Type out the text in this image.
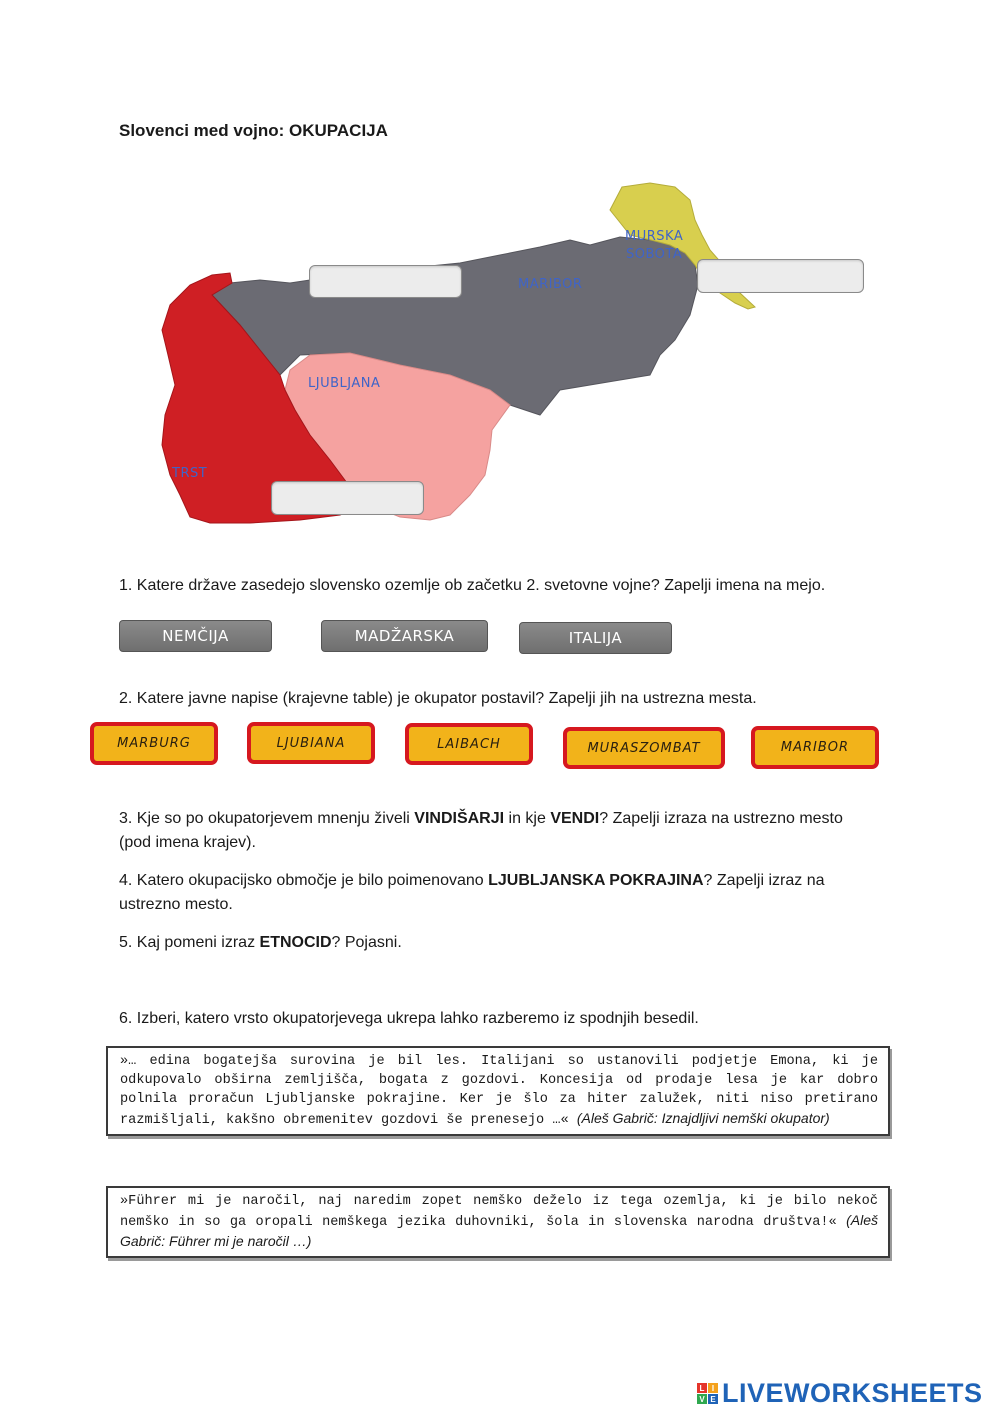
Slovenci med vojno: OKUPACIJA
MARIBOR
MURSKA
SOBOTA
LJUBLJANA
TRST
1. Katere države zasedejo slovensko ozemlje ob začetku 2. svetovne vojne? Zapelji imena na mejo.
NEMČIJA	MADŽARSKA	ITALIJA
2. Katere javne napise (krajevne table) je okupator postavil? Zapelji jih na ustrezna mesta.
MARBURG	LJUBIANA	LAIBACH	MURASZOMBAT	MARIBOR
3. Kje so po okupatorjevem mnenju živeli VINDIŠARJI in kje VENDI? Zapelji izraza na ustrezno mesto (pod imena krajev).
4. Katero okupacijsko območje je bilo poimenovano LJUBLJANSKA POKRAJINA? Zapelji izraz na ustrezno mesto.
5. Kaj pomeni izraz ETNOCID? Pojasni.
6. Izberi, katero vrsto okupatorjevega ukrepa lahko razberemo iz spodnjih besedil.
»… edina bogatejša surovina je bil les. Italijani so ustanovili podjetje Emona, ki je odkupovalo obširna zemljišča, bogata z gozdovi. Koncesija od prodaje lesa je kar dobro polnila proračun Ljubljanske pokrajine. Ker je šlo za hiter zalužek, niti niso pretirano razmišljali, kakšno obremenitev gozdovi še prenesejo …« (Aleš Gabrič: Iznajdljivi nemški okupator)
»Führer mi je naročil, naj naredim zopet nemško deželo iz tega ozemlja, ki je bilo nekoč nemško in so ga oropali nemškega jezika duhovniki, šola in slovenska narodna društva!« (Aleš Gabrič: Führer mi je naročil …)
L I
V E LIVEWORKSHEETS
